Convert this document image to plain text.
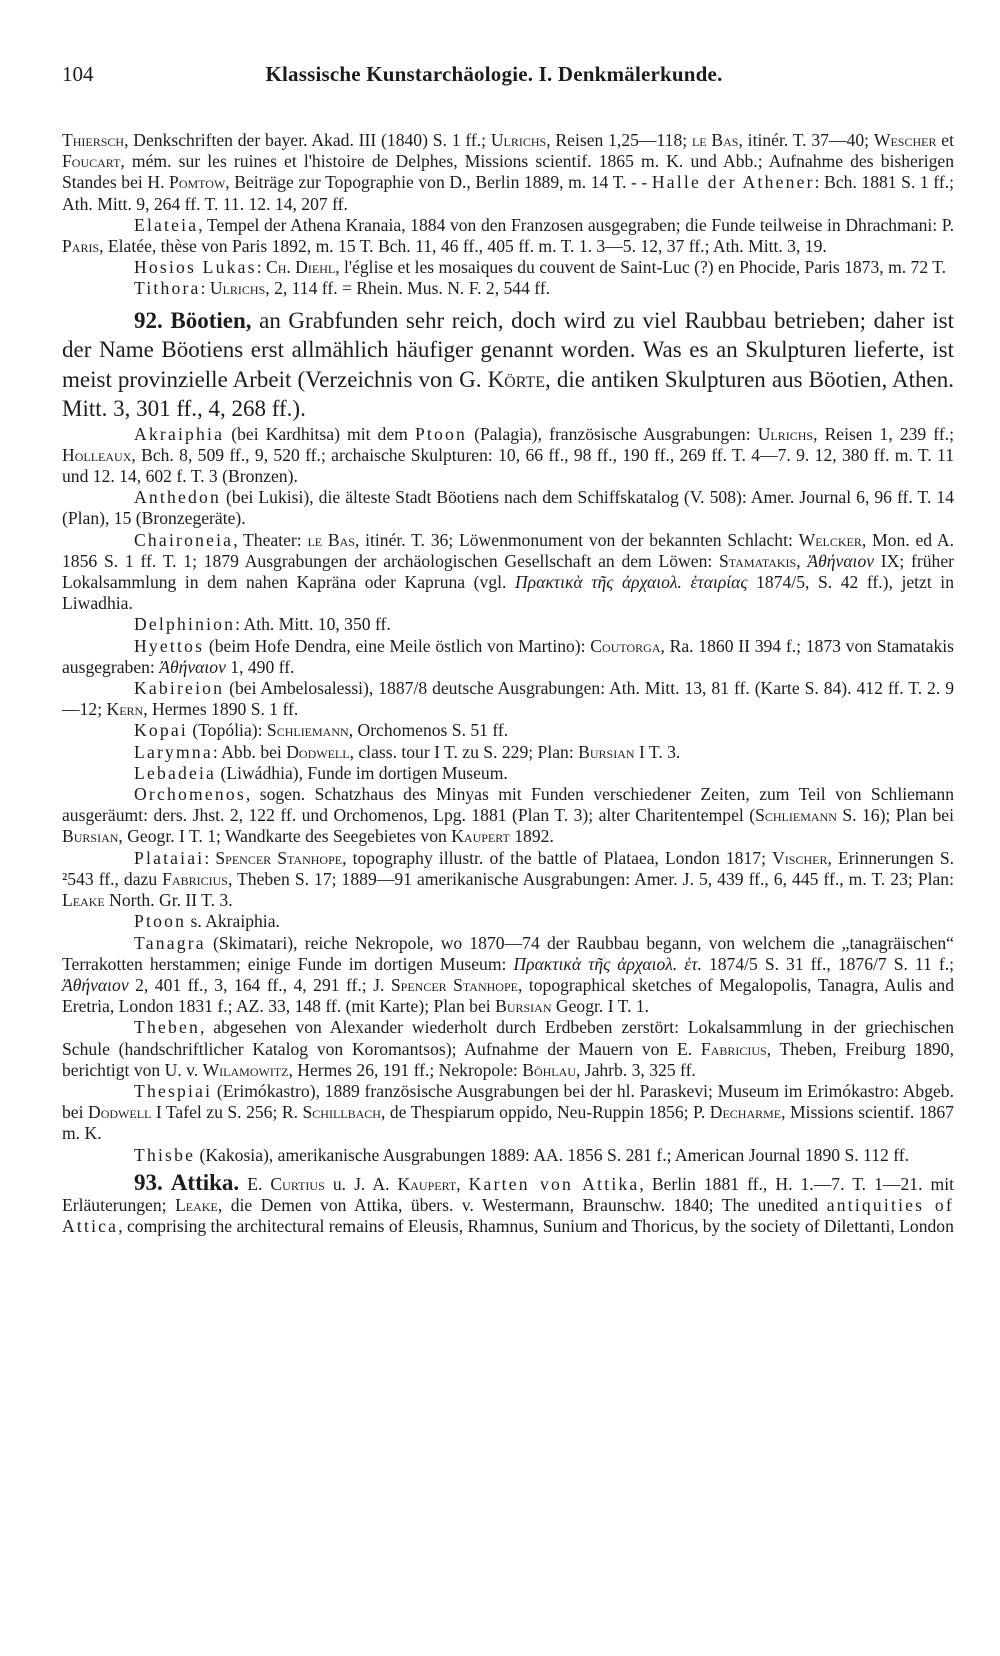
104	Klassische Kunstarchäologie. I. Denkmälerkunde.

Thiersch, Denkschriften der bayer. Akad. III (1840) S. 1 ff.; Ulrichs, Reisen 1,25—118; le Bas, itinér. T. 37—40; Wescher et Foucart, mém. sur les ruines et l'histoire de Delphes, Missions scientif. 1865 m. K. und Abb.; Aufnahme des bisherigen Standes bei H. Pomtow, Beiträge zur Topographie von D., Berlin 1889, m. 14 T. - - Halle der Athener: Bch. 1881 S. 1 ff.; Ath. Mitt. 9, 264 ff. T. 11. 12. 14, 207 ff.

Elateia, Tempel der Athena Kranaia, 1884 von den Franzosen ausgegraben; die Funde teilweise in Dhrachmani: P. Paris, Elatée, thèse von Paris 1892, m. 15 T. Bch. 11, 46 ff., 405 ff. m. T. 1. 3—5. 12, 37 ff.; Ath. Mitt. 3, 19.

Hosios Lukas: Ch. Diehl, l'église et les mosaiques du couvent de Saint-Luc (?) en Phocide, Paris 1873, m. 72 T.

Tithora: Ulrichs, 2, 114 ff. = Rhein. Mus. N. F. 2, 544 ff.

92. Böotien, an Grabfunden sehr reich, doch wird zu viel Raubbau betrieben; daher ist der Name Böotiens erst allmählich häufiger genannt worden. Was es an Skulpturen lieferte, ist meist provinzielle Arbeit (Verzeichnis von G. Körte, die antiken Skulpturen aus Böotien, Athen. Mitt. 3, 301 ff., 4, 268 ff.).

Akraiphia (bei Kardhitsa) mit dem Ptoon (Palagia), französische Ausgrabungen: Ulrichs, Reisen 1, 239 ff.; Holleaux, Bch. 8, 509 ff., 9, 520 ff.; archaische Skulpturen: 10, 66 ff., 98 ff., 190 ff., 269 ff. T. 4—7. 9. 12, 380 ff. m. T. 11 und 12. 14, 602 f. T. 3 (Bronzen).

Anthedon (bei Lukisi), die älteste Stadt Böotiens nach dem Schiffskatalog (V. 508): Amer. Journal 6, 96 ff. T. 14 (Plan), 15 (Bronzegeräte).

Chaironeia, Theater: le Bas, itinér. T. 36; Löwenmonument von der bekannten Schlacht: Welcker, Mon. ed A. 1856 S. 1 ff. T. 1; 1879 Ausgrabungen der archäologischen Gesellschaft an dem Löwen: Stamatakis, Ἀθήναιον IX; früher Lokalsammlung in dem nahen Kapräna oder Kapruna (vgl. Πρακτικὰ τῆς ἀρχαιολ. ἑταιρίας 1874/5, S. 42 ff.), jetzt in Liwadhia.

Delphinion: Ath. Mitt. 10, 350 ff.

Hyettos (beim Hofe Dendra, eine Meile östlich von Martino): Coutorga, Ra. 1860 II 394 f.; 1873 von Stamatakis ausgegraben: Ἀθήναιον 1, 490 ff.

Kabireion (bei Ambelosalessi), 1887/8 deutsche Ausgrabungen: Ath. Mitt. 13, 81 ff. (Karte S. 84). 412 ff. T. 2. 9—12; Kern, Hermes 1890 S. 1 ff.

Kopai (Topólia): Schliemann, Orchomenos S. 51 ff.

Larymna: Abb. bei Dodwell, class. tour I T. zu S. 229; Plan: Bursian I T. 3.

Lebadeia (Liwádhia), Funde im dortigen Museum.

Orchomenos, sogen. Schatzhaus des Minyas mit Funden verschiedener Zeiten, zum Teil von Schliemann ausgeräumt: ders. Jhst. 2, 122 ff. und Orchomenos, Lpg. 1881 (Plan T. 3); alter Charitentempel (Schliemann S. 16); Plan bei Bursian, Geogr. I T. 1; Wandkarte des Seegebietes von Kaupert 1892.

Plataiai: Spencer Stanhope, topography illustr. of the battle of Plataea, London 1817; Vischer, Erinnerungen S. ²543 ff., dazu Fabricius, Theben S. 17; 1889—91 amerikanische Ausgrabungen: Amer. J. 5, 439 ff., 6, 445 ff., m. T. 23; Plan: Leake North. Gr. II T. 3.

Ptoon s. Akraiphia.

Tanagra (Skimatari), reiche Nekropole, wo 1870—74 der Raubbau begann, von welchem die „tanagräischen“ Terrakotten herstammen; einige Funde im dortigen Museum: Πρακτικὰ τῆς ἀρχαιολ. ἑτ. 1874/5 S. 31 ff., 1876/7 S. 11 f.; Ἀθήναιον 2, 401 ff., 3, 164 ff., 4, 291 ff.; J. Spencer Stanhope, topographical sketches of Megalopolis, Tanagra, Aulis and Eretria, London 1831 f.; AZ. 33, 148 ff. (mit Karte); Plan bei Bursian Geogr. I T. 1.

Theben, abgesehen von Alexander wiederholt durch Erdbeben zerstört: Lokalsammlung in der griechischen Schule (handschriftlicher Katalog von Koromantsos); Aufnahme der Mauern von E. Fabricius, Theben, Freiburg 1890, berichtigt von U. v. Wilamowitz, Hermes 26, 191 ff.; Nekropole: Böhlau, Jahrb. 3, 325 ff.

Thespiai (Erimókastro), 1889 französische Ausgrabungen bei der hl. Paraskevi; Museum im Erimókastro: Abgeb. bei Dodwell I Tafel zu S. 256; R. Schillbach, de Thespiarum oppido, Neu-Ruppin 1856; P. Decharme, Missions scientif. 1867 m. K.

Thisbe (Kakosia), amerikanische Ausgrabungen 1889: AA. 1856 S. 281 f.; American Journal 1890 S. 112 ff.

93. Attika. E. Curtius u. J. A. Kaupert, Karten von Attika, Berlin 1881 ff., H. 1.—7. T. 1—21. mit Erläuterungen; Leake, die Demen von Attika, übers. v. Westermann, Braunschw. 1840; The unedited antiquities of Attica, comprising the architectural remains of Eleusis, Rhamnus, Sunium and Thoricus, by the society of Dilettanti, London
